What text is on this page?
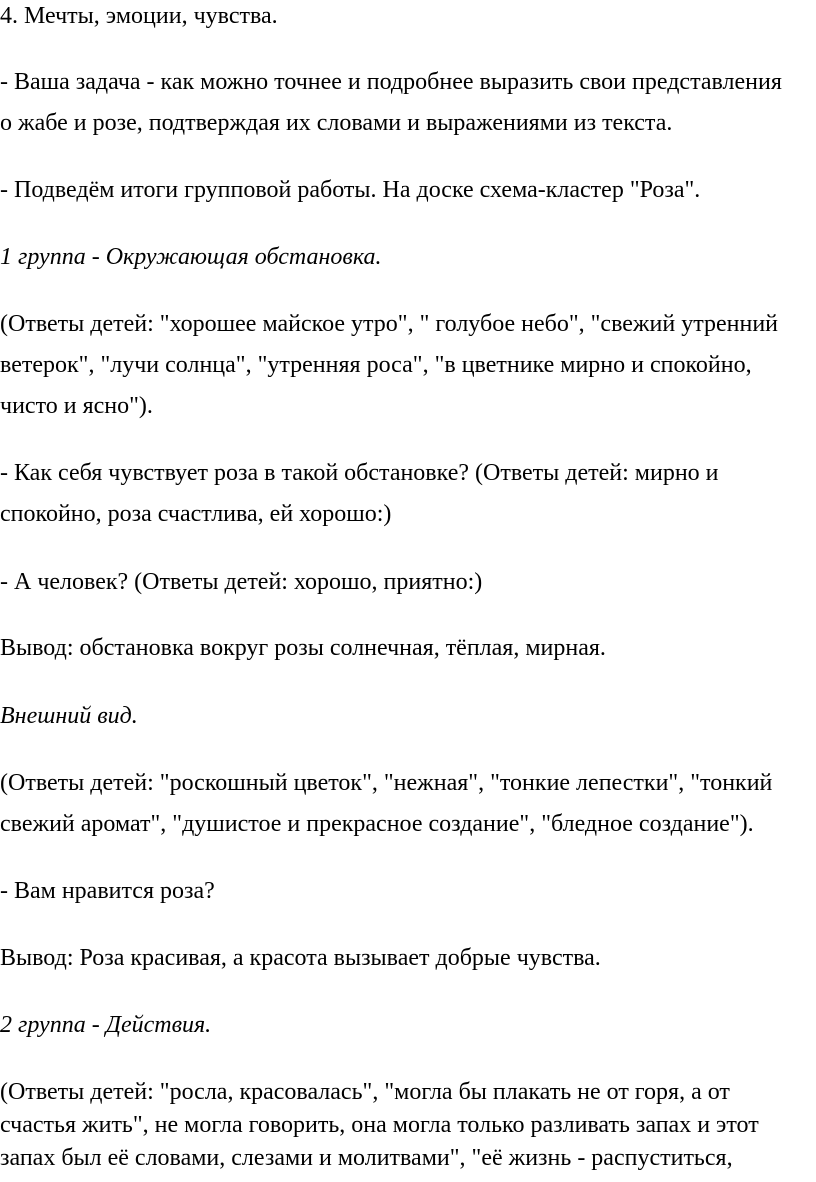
4. Мечты, эмоции, чувства.
- Ваша задача - как можно точнее и подробнее выразить свои представления
о жабе и розе, подтверждая их словами и выражениями из текста.
- Подведём итоги групповой работы. На доске схема-кластер "Роза".
1 группа - Окружающая обстановка.
(Ответы детей: "хорошее майское утро", " голубое небо", "свежий утренний
ветерок", "лучи солнца", "утренняя роса", "в цветнике мирно и спокойно,
чисто и ясно").
- Как себя чувствует роза в такой обстановке? (Ответы детей: мирно и
спокойно, роза счастлива, ей хорошо:)
- А человек? (Ответы детей: хорошо, приятно:)
Вывод: обстановка вокруг розы солнечная, тёплая, мирная.
Внешний вид.
(Ответы детей: "роскошный цветок", "нежная", "тонкие лепестки", "тонкий
свежий аромат", "душистое и прекрасное создание", "бледное создание").
- Вам нравится роза?
Вывод: Роза красивая, а красота вызывает добрые чувства.
2 группа - Действия.
(Ответы детей: "росла, красовалась", "могла бы плакать не от горя, а от
счастья жить", не могла говорить, она могла только разливать запах и этот
запах был её словами, слезами и молитвами", "её жизнь - распуститься,
